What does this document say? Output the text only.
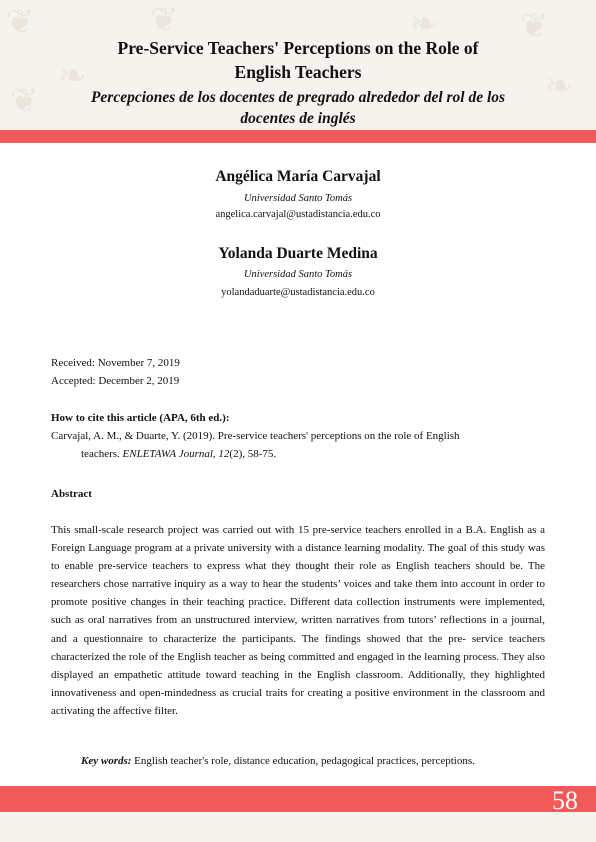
❦
❧
❦	❧ ❦
❧
❦
Pre-Service Teachers' Perceptions on the Role of
English Teachers
Percepciones de los docentes de pregrado alrededor del rol de los
docentes de inglés
Angélica María Carvajal
Universidad Santo Tomás
angelica.carvajal@ustadistancia.edu.co
Yolanda Duarte Medina
Universidad Santo Tomás
yolandaduarte@ustadistancia.edu.co
Received: November 7, 2019
Accepted: December 2, 2019
How to cite this article (APA, 6th ed.):
Carvajal, A. M., & Duarte, Y. (2019). Pre-service teachers' perceptions on the role of English
teachers. ENLETAWA Journal, 12(2), 58-75.
Abstract
This small-scale research project was carried out with 15 pre-service teachers enrolled in a B.A. English as a Foreign Language program at a private university with a distance learning modality. The goal of this study was to enable pre-service teachers to express what they thought their role as English teachers should be. The researchers chose narrative inquiry as a way to hear the students’ voices and take them into account in order to promote positive changes in their teaching practice. Different data collection instruments were implemented, such as oral narratives from an unstructured interview, written narratives from tutors’ reflections in a journal, and a questionnaire to characterize the participants. The findings showed that the pre- service teachers characterized the role of the English teacher as being committed and engaged in the learning process. They also displayed an empathetic attitude toward teaching in the English classroom. Additionally, they highlighted innovativeness and open-mindedness as crucial traits for creating a positive environment in the classroom and activating the affective filter.
Key words: English teacher's role, distance education, pedagogical practices, perceptions.
58
